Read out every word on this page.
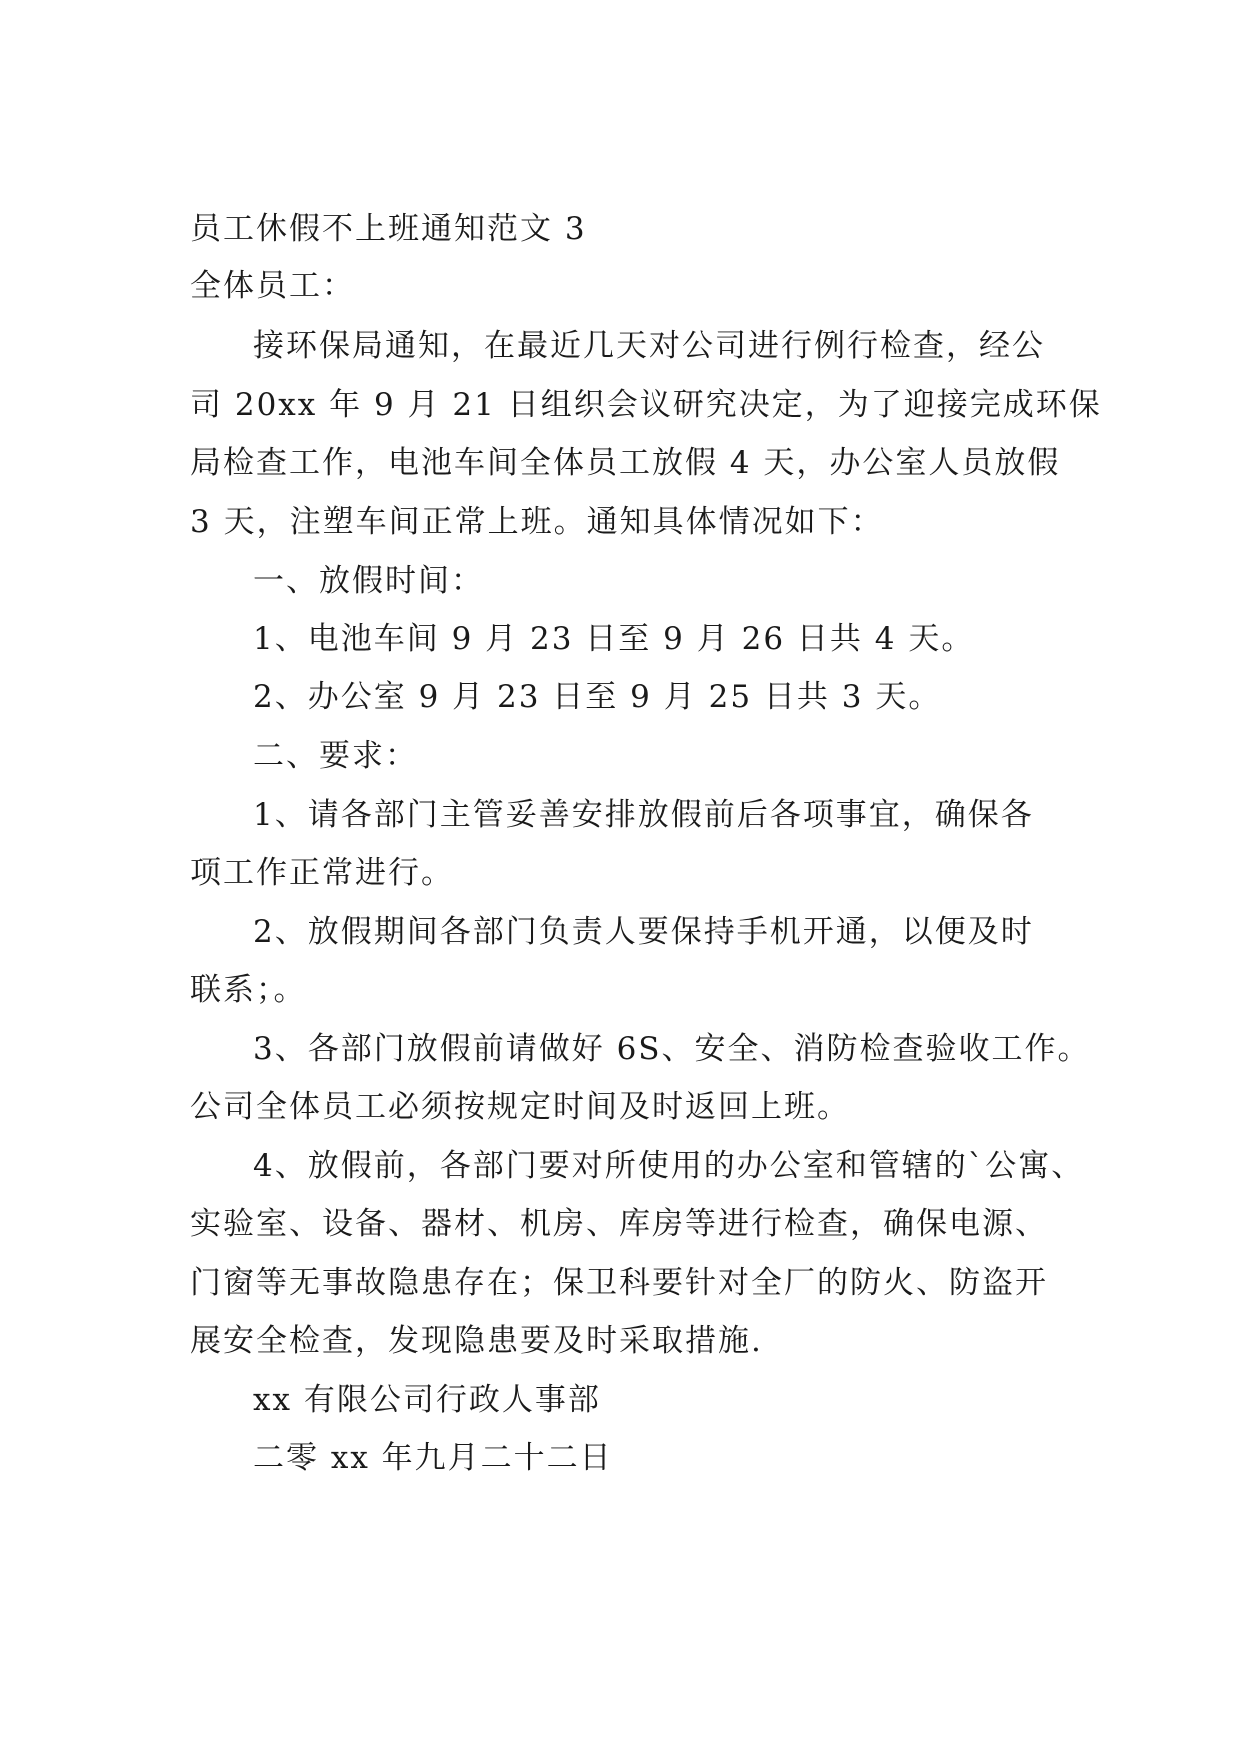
员工休假不上班通知范文 3
全体员工：
接环保局通知，在最近几天对公司进行例行检查，经公
司 20xx 年 9 月 21 日组织会议研究决定，为了迎接完成环保
局检查工作，电池车间全体员工放假 4 天，办公室人员放假
3 天，注塑车间正常上班。通知具体情况如下：
一、放假时间：
1、电池车间 9 月 23 日至 9 月 26 日共 4 天。
2、办公室 9 月 23 日至 9 月 25 日共 3 天。
二、要求：
1、请各部门主管妥善安排放假前后各项事宜，确保各
项工作正常进行。
2、放假期间各部门负责人要保持手机开通，以便及时
联系；。
3、各部门放假前请做好 6S、安全、消防检查验收工作。
公司全体员工必须按规定时间及时返回上班。
4、放假前，各部门要对所使用的办公室和管辖的`公寓、
实验室、设备、器材、机房、库房等进行检查，确保电源、
门窗等无事故隐患存在；保卫科要针对全厂的防火、防盗开
展安全检查，发现隐患要及时采取措施.
xx 有限公司行政人事部
二零 xx 年九月二十二日
